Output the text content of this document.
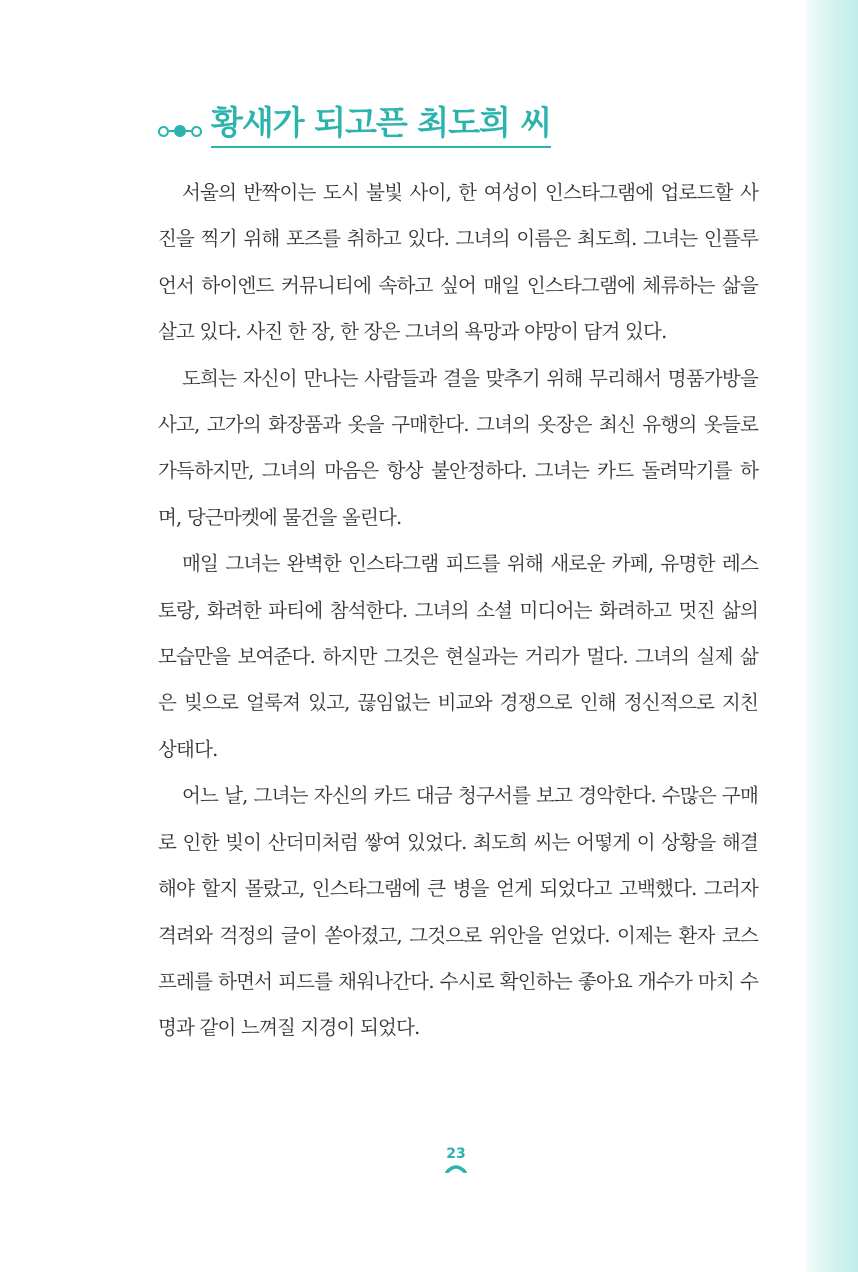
황새가 되고픈 최도희 씨

서울의 반짝이는 도시 불빛 사이, 한 여성이 인스타그램에 업로드할 사진을 찍기 위해 포즈를 취하고 있다. 그녀의 이름은 최도희. 그녀는 인플루언서 하이엔드 커뮤니티에 속하고 싶어 매일 인스타그램에 체류하는 삶을 살고 있다. 사진 한 장, 한 장은 그녀의 욕망과 야망이 담겨 있다.

도희는 자신이 만나는 사람들과 결을 맞추기 위해 무리해서 명품가방을 사고, 고가의 화장품과 옷을 구매한다. 그녀의 옷장은 최신 유행의 옷들로 가득하지만, 그녀의 마음은 항상 불안정하다. 그녀는 카드 돌려막기를 하며, 당근마켓에 물건을 올린다.

매일 그녀는 완벽한 인스타그램 피드를 위해 새로운 카페, 유명한 레스토랑, 화려한 파티에 참석한다. 그녀의 소셜 미디어는 화려하고 멋진 삶의 모습만을 보여준다. 하지만 그것은 현실과는 거리가 멀다. 그녀의 실제 삶은 빚으로 얼룩져 있고, 끊임없는 비교와 경쟁으로 인해 정신적으로 지친 상태다.

어느 날, 그녀는 자신의 카드 대금 청구서를 보고 경악한다. 수많은 구매로 인한 빚이 산더미처럼 쌓여 있었다. 최도희 씨는 어떻게 이 상황을 해결해야 할지 몰랐고, 인스타그램에 큰 병을 얻게 되었다고 고백했다. 그러자 격려와 걱정의 글이 쏟아졌고, 그것으로 위안을 얻었다. 이제는 환자 코스프레를 하면서 피드를 채워나간다. 수시로 확인하는 좋아요 개수가 마치 수명과 같이 느껴질 지경이 되었다.

23
